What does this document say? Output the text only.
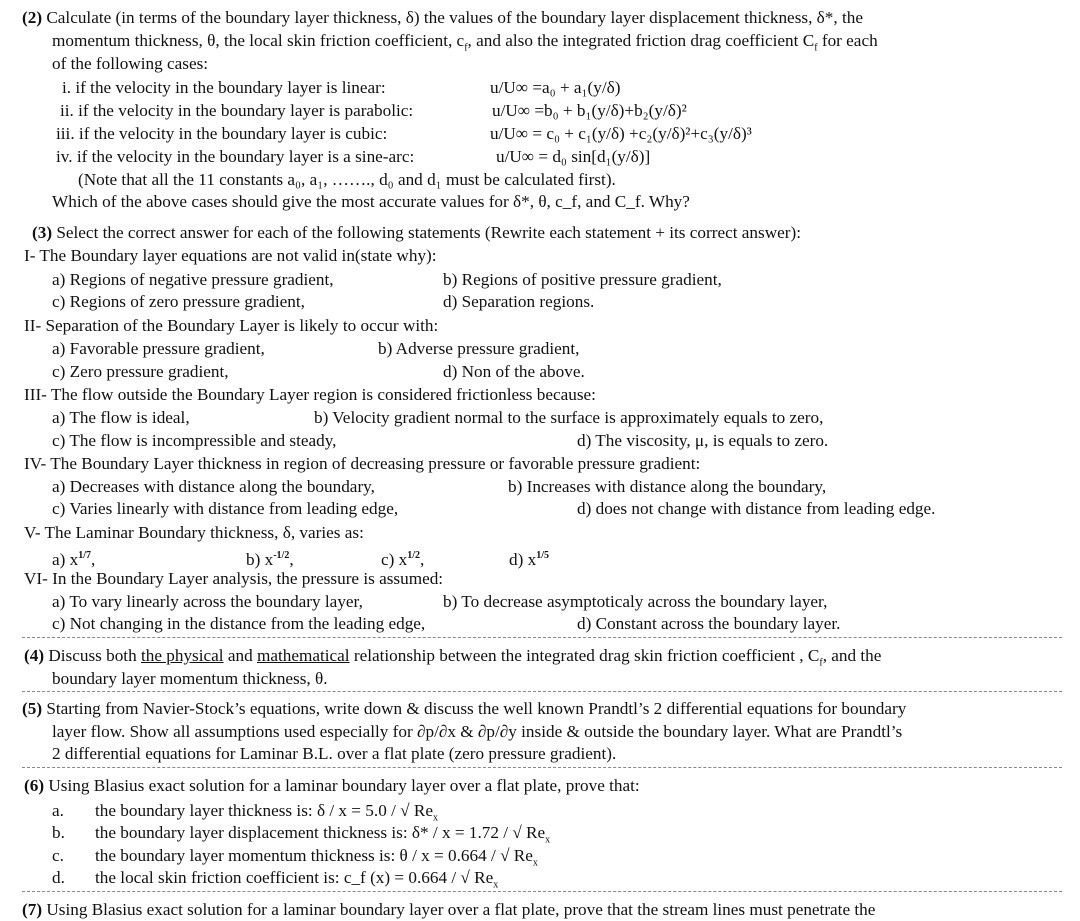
(2) Calculate (in terms of the boundary layer thickness, δ) the values of the boundary layer displacement thickness, δ*, the
momentum thickness, θ, the local skin friction coefficient, $c_f$, and also the integrated friction drag coefficient $C_f$ for each
of the following cases:
i. if the velocity in the boundary layer is linear:	u/U∞ =a₀ + a₁(y/δ)
ii. if the velocity in the boundary layer is parabolic:	u/U∞ =b₀ + b₁(y/δ)+b₂(y/δ)²
iii. if the velocity in the boundary layer is cubic:	u/U∞ = c₀ + c₁(y/δ) +c₂(y/δ)²+c₃(y/δ)³
iv. if the velocity in the boundary layer is a sine-arc:	u/U∞ = d₀ sin[d₁(y/δ)]
(Note that all the 11 constants a₀, a₁, ……., d₀ and d₁ must be calculated first).
Which of the above cases should give the most accurate values for δ*, θ, c_f, and C_f. Why?
(3) Select the correct answer for each of the following statements (Rewrite each statement + its correct answer):
I- The Boundary layer equations are not valid in(state why):
a) Regions of negative pressure gradient,	b) Regions of positive pressure gradient,
c) Regions of zero pressure gradient,	d) Separation regions.
II- Separation of the Boundary Layer is likely to occur with:
a) Favorable pressure gradient,	b) Adverse pressure gradient,
c) Zero pressure gradient,	d) Non of the above.
III- The flow outside the Boundary Layer region is considered frictionless because:
a) The flow is ideal,	b) Velocity gradient normal to the surface is approximately equals to zero,
c) The flow is incompressible and steady,	d) The viscosity, μ, is equals to zero.
IV- The Boundary Layer thickness in region of decreasing pressure or favorable pressure gradient:
a) Decreases with distance along the boundary,	b) Increases with distance along the boundary,
c) Varies linearly with distance from leading edge,	d) does not change with distance from leading edge.
V- The Laminar Boundary thickness, δ, varies as:
a) $x^{1/7}$,	b) $x^{-1/2}$,	c) $x^{1/2}$,	d) $x^{1/5}$
VI- In the Boundary Layer analysis, the pressure is assumed:
a) To vary linearly across the boundary layer,	b) To decrease asymptoticaly across the boundary layer,
c) Not changing in the distance from the leading edge,	d) Constant across the boundary layer.
(4) Discuss both the physical and mathematical relationship between the integrated drag skin friction coefficient , $C_f$, and the
boundary layer momentum thickness, θ.
(5) Starting from Navier-Stock’s equations, write down & discuss the well known Prandtl’s 2 differential equations for boundary
layer flow. Show all assumptions used especially for ∂p/∂x & ∂p/∂y inside & outside the boundary layer. What are Prandtl’s
2 differential equations for Laminar B.L. over a flat plate (zero pressure gradient).
(6) Using Blasius exact solution for a laminar boundary layer over a flat plate, prove that:
a. the boundary layer thickness is: δ / x = 5.0 / √ $Re_x$
b. the boundary layer displacement thickness is: δ* / x = 1.72 / √ $Re_x$
c. the boundary layer momentum thickness is: θ / x = 0.664 / √ $Re_x$
d. the local skin friction coefficient is: c_f (x) = 0.664 / √ $Re_x$
(7) Using Blasius exact solution for a laminar boundary layer over a flat plate, prove that the stream lines must penetrate the
